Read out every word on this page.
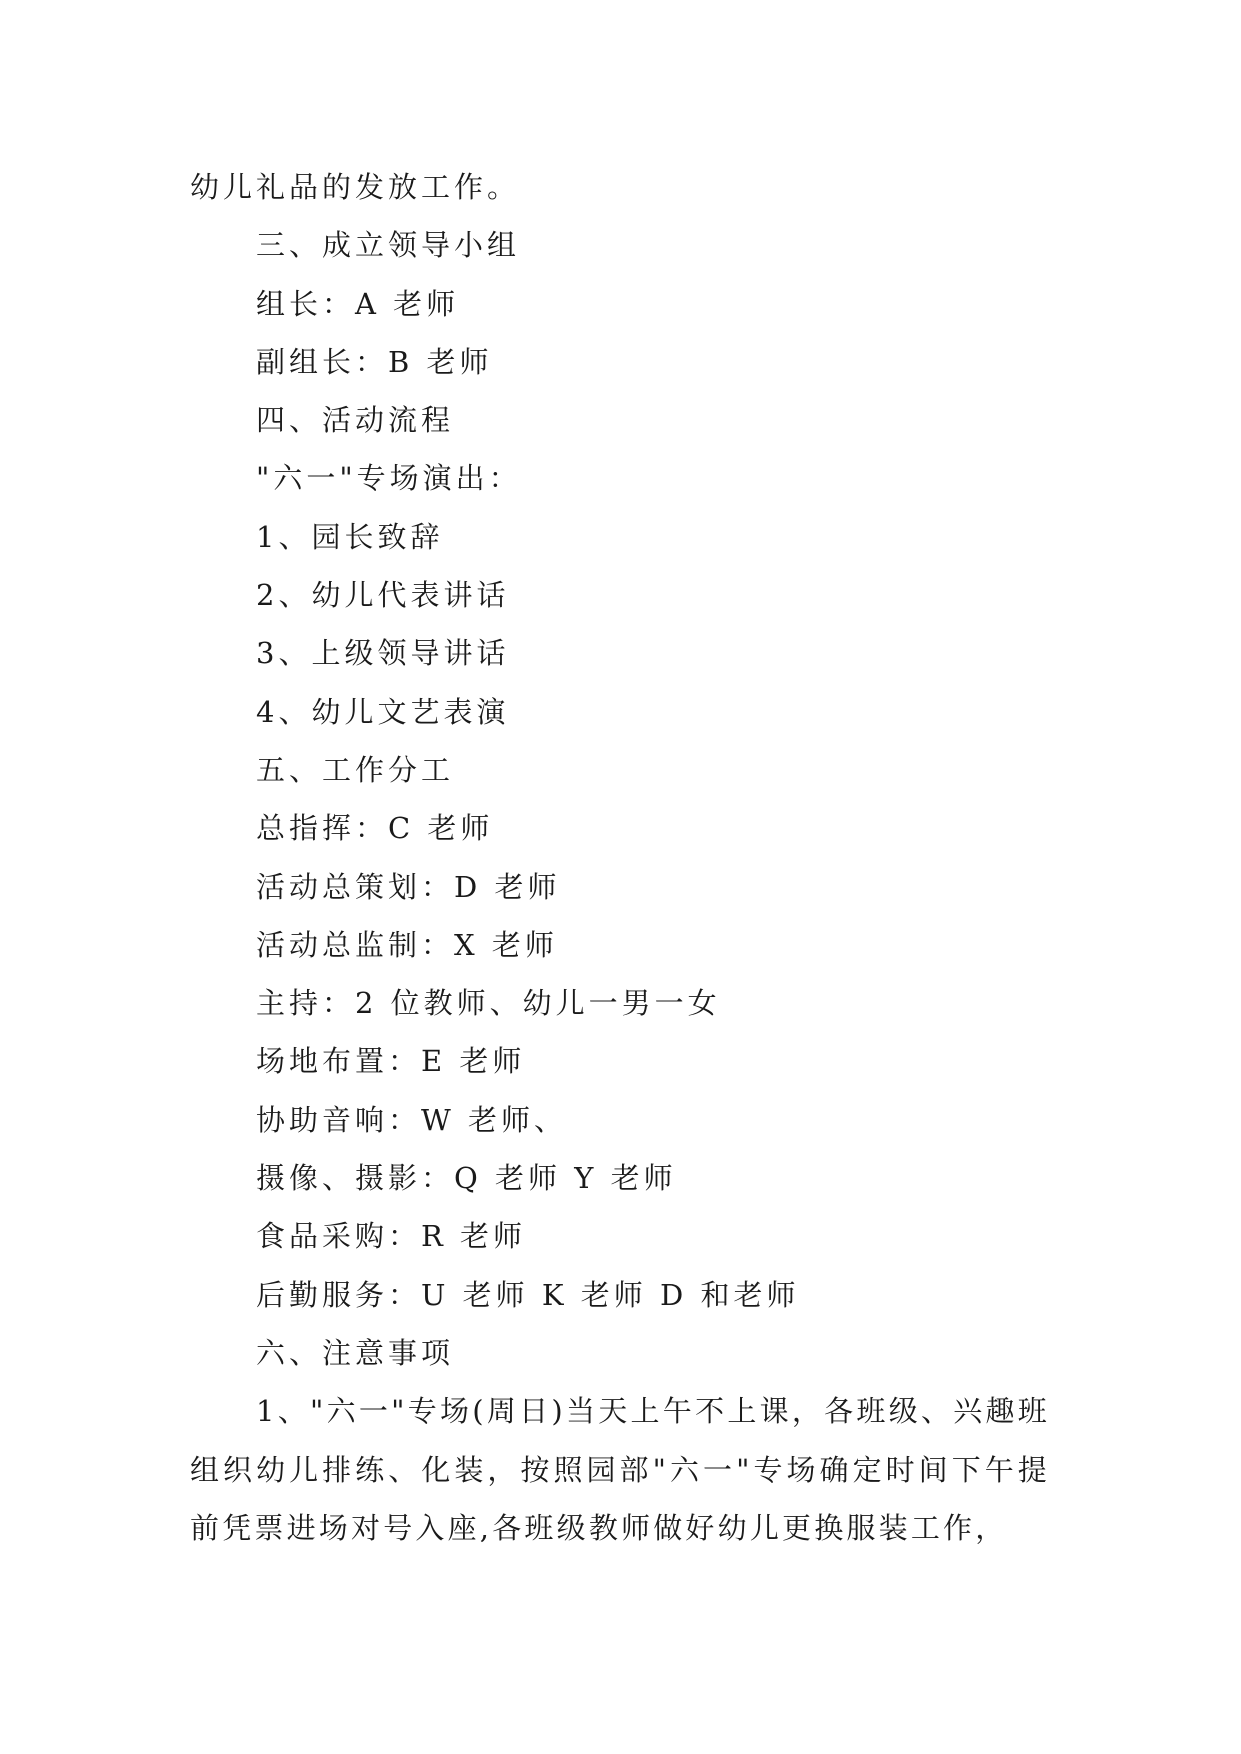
幼儿礼品的发放工作。
三、成立领导小组
组长：A 老师
副组长：B 老师
四、活动流程
"六一"专场演出：
1、园长致辞
2、幼儿代表讲话
3、上级领导讲话
4、幼儿文艺表演
五、工作分工
总指挥：C 老师
活动总策划：D 老师
活动总监制：X 老师
主持：2 位教师、幼儿一男一女
场地布置：E 老师
协助音响：W 老师、
摄像、摄影：Q 老师 Y 老师
食品采购：R 老师
后勤服务：U 老师 K 老师 D 和老师
六、注意事项
1、"六一"专场(周日)当天上午不上课，各班级、兴趣班组织幼儿排练、化装，按照园部"六一"专场确定时间下午提前凭票进场对号入座,各班级教师做好幼儿更换服装工作，
